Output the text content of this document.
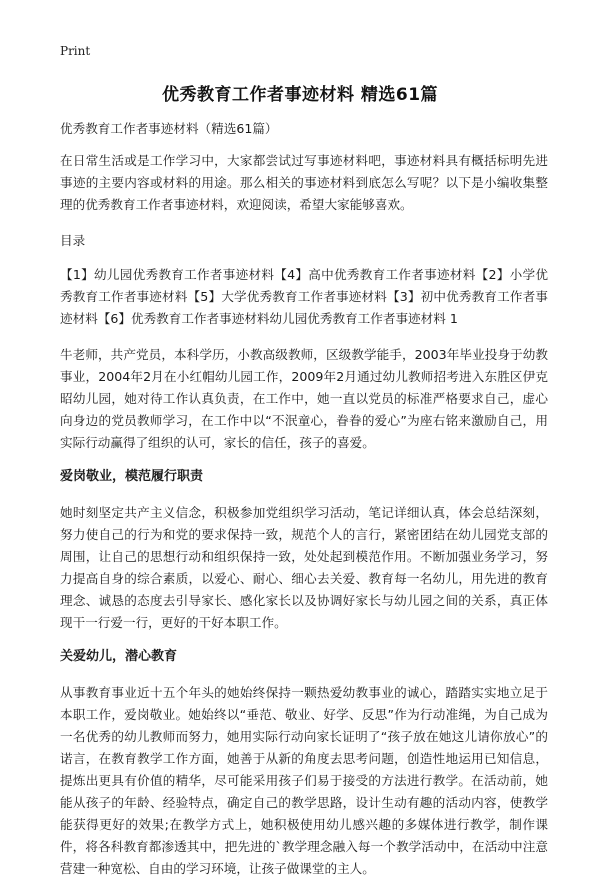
Print
优秀教育工作者事迹材料 精选61篇

优秀教育工作者事迹材料（精选61篇）

在日常生活或是工作学习中，大家都尝试过写事迹材料吧，事迹材料具有概括标明先进事迹的主要内容或材料的用途。那么相关的事迹材料到底怎么写呢？以下是小编收集整理的优秀教育工作者事迹材料，欢迎阅读，希望大家能够喜欢。

目录

【1】幼儿园优秀教育工作者事迹材料【4】高中优秀教育工作者事迹材料【2】小学优秀教育工作者事迹材料【5】大学优秀教育工作者事迹材料【3】初中优秀教育工作者事迹材料【6】优秀教育工作者事迹材料幼儿园优秀教育工作者事迹材料 1

牛老师，共产党员，本科学历，小教高级教师，区级教学能手，2003年毕业投身于幼教事业，2004年2月在小红帽幼儿园工作，2009年2月通过幼儿教师招考进入东胜区伊克昭幼儿园，她对待工作认真负责，在工作中，她一直以党员的标准严格要求自己，虚心向身边的党员教师学习，在工作中以“不泯童心，眷眷的爱心”为座右铭来激励自己，用实际行动赢得了组织的认可，家长的信任，孩子的喜爱。

爱岗敬业，模范履行职责

她时刻坚定共产主义信念，积极参加党组织学习活动，笔记详细认真，体会总结深刻，努力使自己的行为和党的要求保持一致，规范个人的言行，紧密团结在幼儿园党支部的周围，让自己的思想行动和组织保持一致，处处起到模范作用。不断加强业务学习，努力提高自身的综合素质，以爱心、耐心、细心去关爱、教育每一名幼儿，用先进的教育理念、诚恳的态度去引导家长、感化家长以及协调好家长与幼儿园之间的关系，真正体现干一行爱一行，更好的干好本职工作。

关爱幼儿，潜心教育

从事教育事业近十五个年头的她始终保持一颗热爱幼教事业的诚心，踏踏实实地立足于本职工作，爱岗敬业。她始终以“垂范、敬业、好学、反思”作为行动准绳，为自己成为一名优秀的幼儿教师而努力，她用实际行动向家长证明了“孩子放在她这儿请你放心”的诺言，在教育教学工作方面，她善于从新的角度去思考问题，创造性地运用已知信息，提炼出更具有价值的精华，尽可能采用孩子们易于接受的方法进行教学。在活动前，她能从孩子的年龄、经验特点，确定自己的教学思路，设计生动有趣的活动内容，使教学能获得更好的效果;在教学方式上，她积极使用幼儿感兴趣的多媒体进行教学，制作课件，将各科教育都渗透其中，把先进的`教学理念融入每一个教学活动中，在活动中注意营建一种宽松、自由的学习环境，让孩子做课堂的主人。
